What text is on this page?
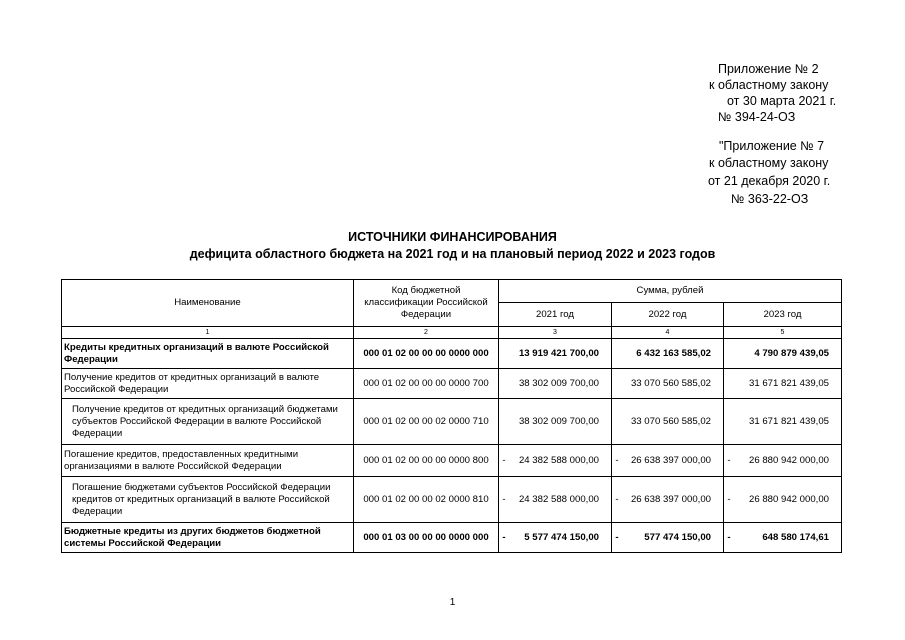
Приложение № 2
к областному закону
от 30 марта 2021 г.
№ 394-24-ОЗ
"Приложение № 7
к областному закону
от 21 декабря 2020 г.
№ 363-22-ОЗ
ИСТОЧНИКИ ФИНАНСИРОВАНИЯ
дефицита областного бюджета на 2021 год и на плановый период 2022 и 2023 годов
Наименование	Код бюджетной классификации Российской Федерации	Сумма, рублей		
		2021 год	2022 год	2023 год
1	2	3	4	5
Кредиты кредитных организаций в валюте Российской Федерации	000 01 02 00 00 00 0000 000	13 919 421 700,00	6 432 163 585,02	4 790 879 439,05

Получение кредитов от кредитных организаций в валюте Российской Федерации	000 01 02 00 00 00 0000 700	38 302 009 700,00	33 070 560 585,02	31 671 821 439,05

Получение кредитов от кредитных организаций бюджетами субъектов Российской Федерации в валюте Российской Федерации	000 01 02 00 00 02 0000 710	38 302 009 700,00	33 070 560 585,02	31 671 821 439,05

Погашение кредитов, предоставленных кредитными организациями в валюте Российской Федерации	000 01 02 00 00 00 0000 800	- 24 382 588 000,00	- 26 638 397 000,00	- 26 880 942 000,00

Погашение бюджетами субъектов Российской Федерации кредитов от кредитных организаций в валюте Российской Федерации	000 01 02 00 00 02 0000 810	- 24 382 588 000,00	- 26 638 397 000,00	- 26 880 942 000,00

Бюджетные кредиты из других бюджетов бюджетной системы Российской Федерации	000 01 03 00 00 00 0000 000	- 5 577 474 150,00	- 577 474 150,00	- 648 580 174,61
1
